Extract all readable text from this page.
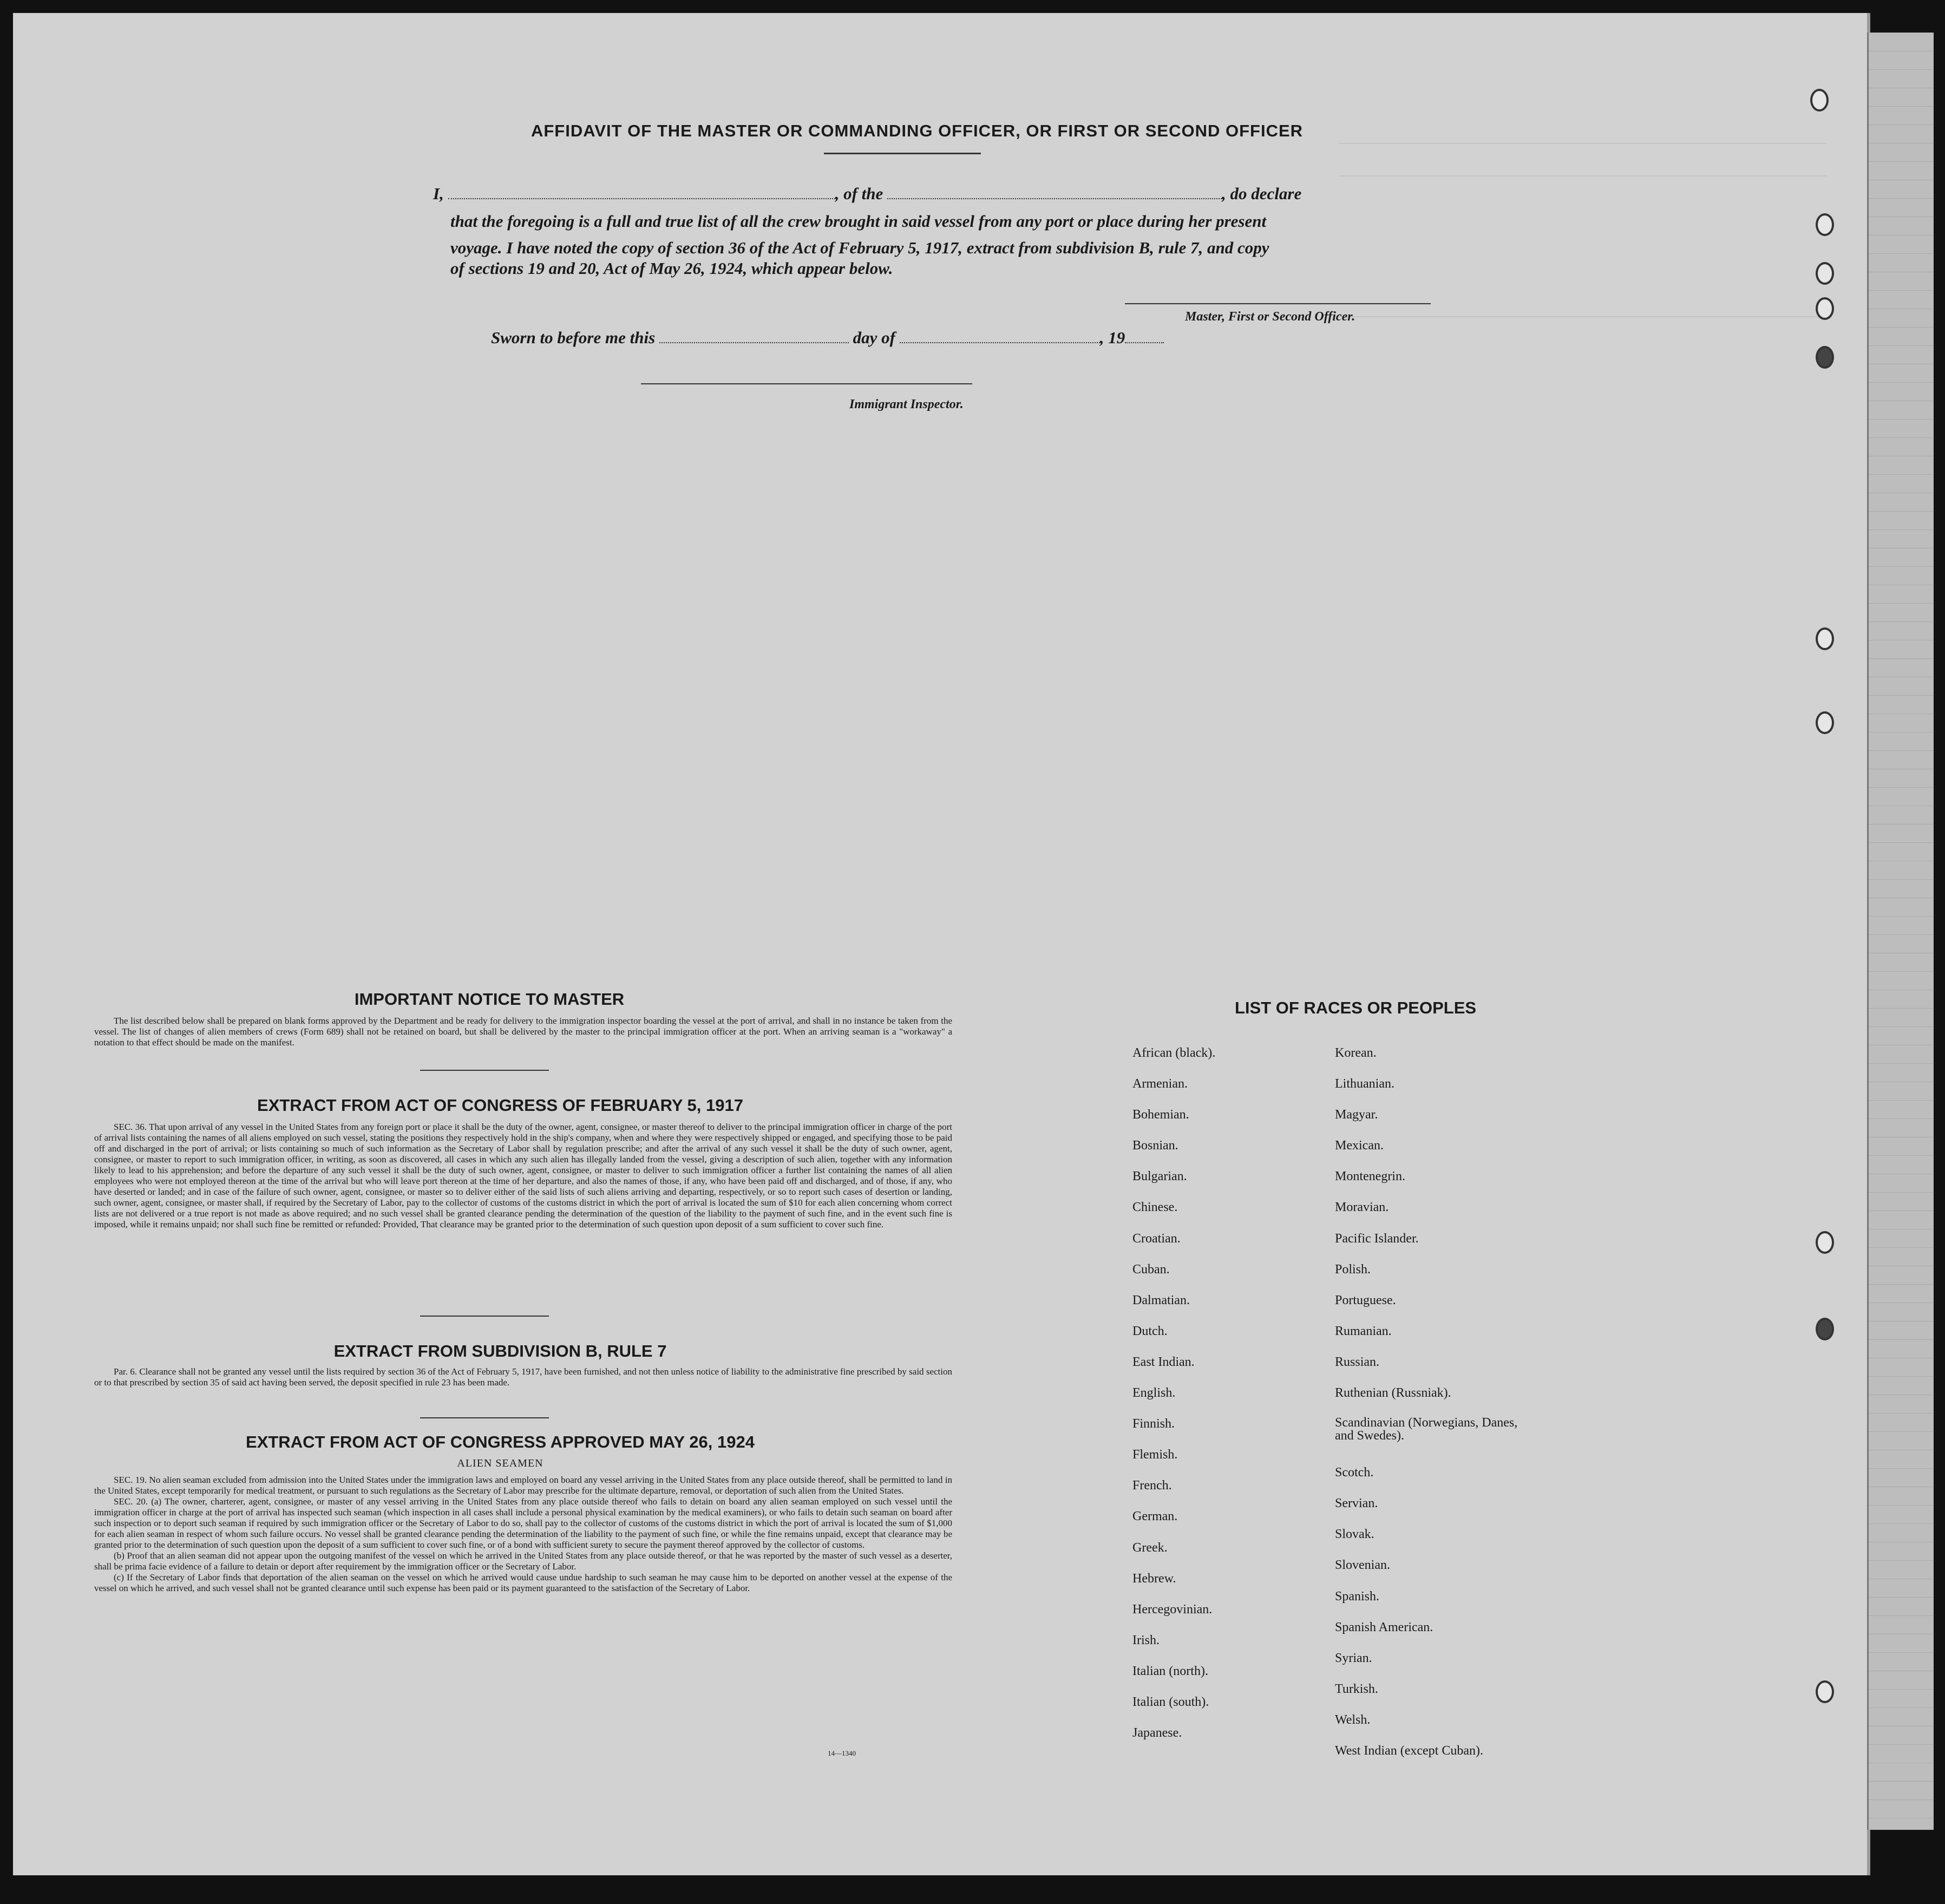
AFFIDAVIT OF THE MASTER OR COMMANDING OFFICER, OR FIRST OR SECOND OFFICER
I,	, of the	, do declare
that the foregoing is a full and true list of all the crew brought in said vessel from any port or place during her present
voyage. I have noted the copy of section 36 of the Act of February 5, 1917, extract from subdivision B, rule 7, and copy
of sections 19 and 20, Act of May 26, 1924, which appear below.
Master, First or Second Officer.
Sworn to before me this	day of	, 19
Immigrant Inspector.
IMPORTANT NOTICE TO MASTER
The list described below shall be prepared on blank forms approved by the Department and be ready for delivery to the immigration inspector boarding the vessel at the port of arrival, and shall in no instance be taken from the vessel. The list of changes of alien members of crews (Form 689) shall not be retained on board, but shall be delivered by the master to the principal immigration officer at the port. When an arriving seaman is a "workaway" a notation to that effect should be made on the manifest.
EXTRACT FROM ACT OF CONGRESS OF FEBRUARY 5, 1917
SEC. 36. That upon arrival of any vessel in the United States from any foreign port or place it shall be the duty of the owner, agent, consignee, or master thereof to deliver to the principal immigration officer in charge of the port of arrival lists containing the names of all aliens employed on such vessel, stating the positions they respectively hold in the ship's company, when and where they were respectively shipped or engaged, and specifying those to be paid off and discharged in the port of arrival; or lists containing so much of such information as the Secretary of Labor shall by regulation prescribe; and after the arrival of any such vessel it shall be the duty of such owner, agent, consignee, or master to report to such immigration officer, in writing, as soon as discovered, all cases in which any such alien has illegally landed from the vessel, giving a description of such alien, together with any information likely to lead to his apprehension; and before the departure of any such vessel it shall be the duty of such owner, agent, consignee, or master to deliver to such immigration officer a further list containing the names of all alien employees who were not employed thereon at the time of the arrival but who will leave port thereon at the time of her departure, and also the names of those, if any, who have been paid off and discharged, and of those, if any, who have deserted or landed; and in case of the failure of such owner, agent, consignee, or master so to deliver either of the said lists of such aliens arriving and departing, respectively, or so to report such cases of desertion or landing, such owner, agent, consignee, or master shall, if required by the Secretary of Labor, pay to the collector of customs of the customs district in which the port of arrival is located the sum of $10 for each alien concerning whom correct lists are not delivered or a true report is not made as above required; and no such vessel shall be granted clearance pending the determination of the question of the liability to the payment of such fine, and in the event such fine is imposed, while it remains unpaid; nor shall such fine be remitted or refunded: Provided, That clearance may be granted prior to the determination of such question upon deposit of a sum sufficient to cover such fine.
EXTRACT FROM SUBDIVISION B, RULE 7
Par. 6. Clearance shall not be granted any vessel until the lists required by section 36 of the Act of February 5, 1917, have been furnished, and not then unless notice of liability to the administrative fine prescribed by said section or to that prescribed by section 35 of said act having been served, the deposit specified in rule 23 has been made.
EXTRACT FROM ACT OF CONGRESS APPROVED MAY 26, 1924
ALIEN SEAMEN

SEC. 19. No alien seaman excluded from admission into the United States under the immigration laws and employed on board any vessel arriving in the United States from any place outside thereof, shall be permitted to land in the United States, except temporarily for medical treatment, or pursuant to such regulations as the Secretary of Labor may prescribe for the ultimate departure, removal, or deportation of such alien from the United States.

SEC. 20. (a) The owner, charterer, agent, consignee, or master of any vessel arriving in the United States from any place outside thereof who fails to detain on board any alien seaman employed on such vessel until the immigration officer in charge at the port of arrival has inspected such seaman (which inspection in all cases shall include a personal physical examination by the medical examiners), or who fails to detain such seaman on board after such inspection or to deport such seaman if required by such immigration officer or the Secretary of Labor to do so, shall pay to the collector of customs of the customs district in which the port of arrival is located the sum of $1,000 for each alien seaman in respect of whom such failure occurs. No vessel shall be granted clearance pending the determination of the liability to the payment of such fine, or while the fine remains unpaid, except that clearance may be granted prior to the determination of such question upon the deposit of a sum sufficient to cover such fine, or of a bond with sufficient surety to secure the payment thereof approved by the collector of customs.

(b) Proof that an alien seaman did not appear upon the outgoing manifest of the vessel on which he arrived in the United States from any place outside thereof, or that he was reported by the master of such vessel as a deserter, shall be prima facie evidence of a failure to detain or deport after requirement by the immigration officer or the Secretary of Labor.

(c) If the Secretary of Labor finds that deportation of the alien seaman on the vessel on which he arrived would cause undue hardship to such seaman he may cause him to be deported on another vessel at the expense of the vessel on which he arrived, and such vessel shall not be granted clearance until such expense has been paid or its payment guaranteed to the satisfaction of the Secretary of Labor.

14—1340
LIST OF RACES OR PEOPLES
African (black).
Armenian.
Bohemian.
Bosnian.
Bulgarian.
Chinese.
Croatian.
Cuban.
Dalmatian.
Dutch.
East Indian.
English.
Finnish.
Flemish.
French.
German.
Greek.
Hebrew.
Hercegovinian.
Irish.
Italian (north).
Italian (south).
Japanese.
Korean.
Lithuanian.
Magyar.
Mexican.
Montenegrin.
Moravian.
Pacific Islander.
Polish.
Portuguese.
Rumanian.
Russian.
Ruthenian (Russniak).
Scandinavian (Norwegians, Danes, and Swedes).
Scotch.
Servian.
Slovak.
Slovenian.
Spanish.
Spanish American.
Syrian.
Turkish.
Welsh.
West Indian (except Cuban).
